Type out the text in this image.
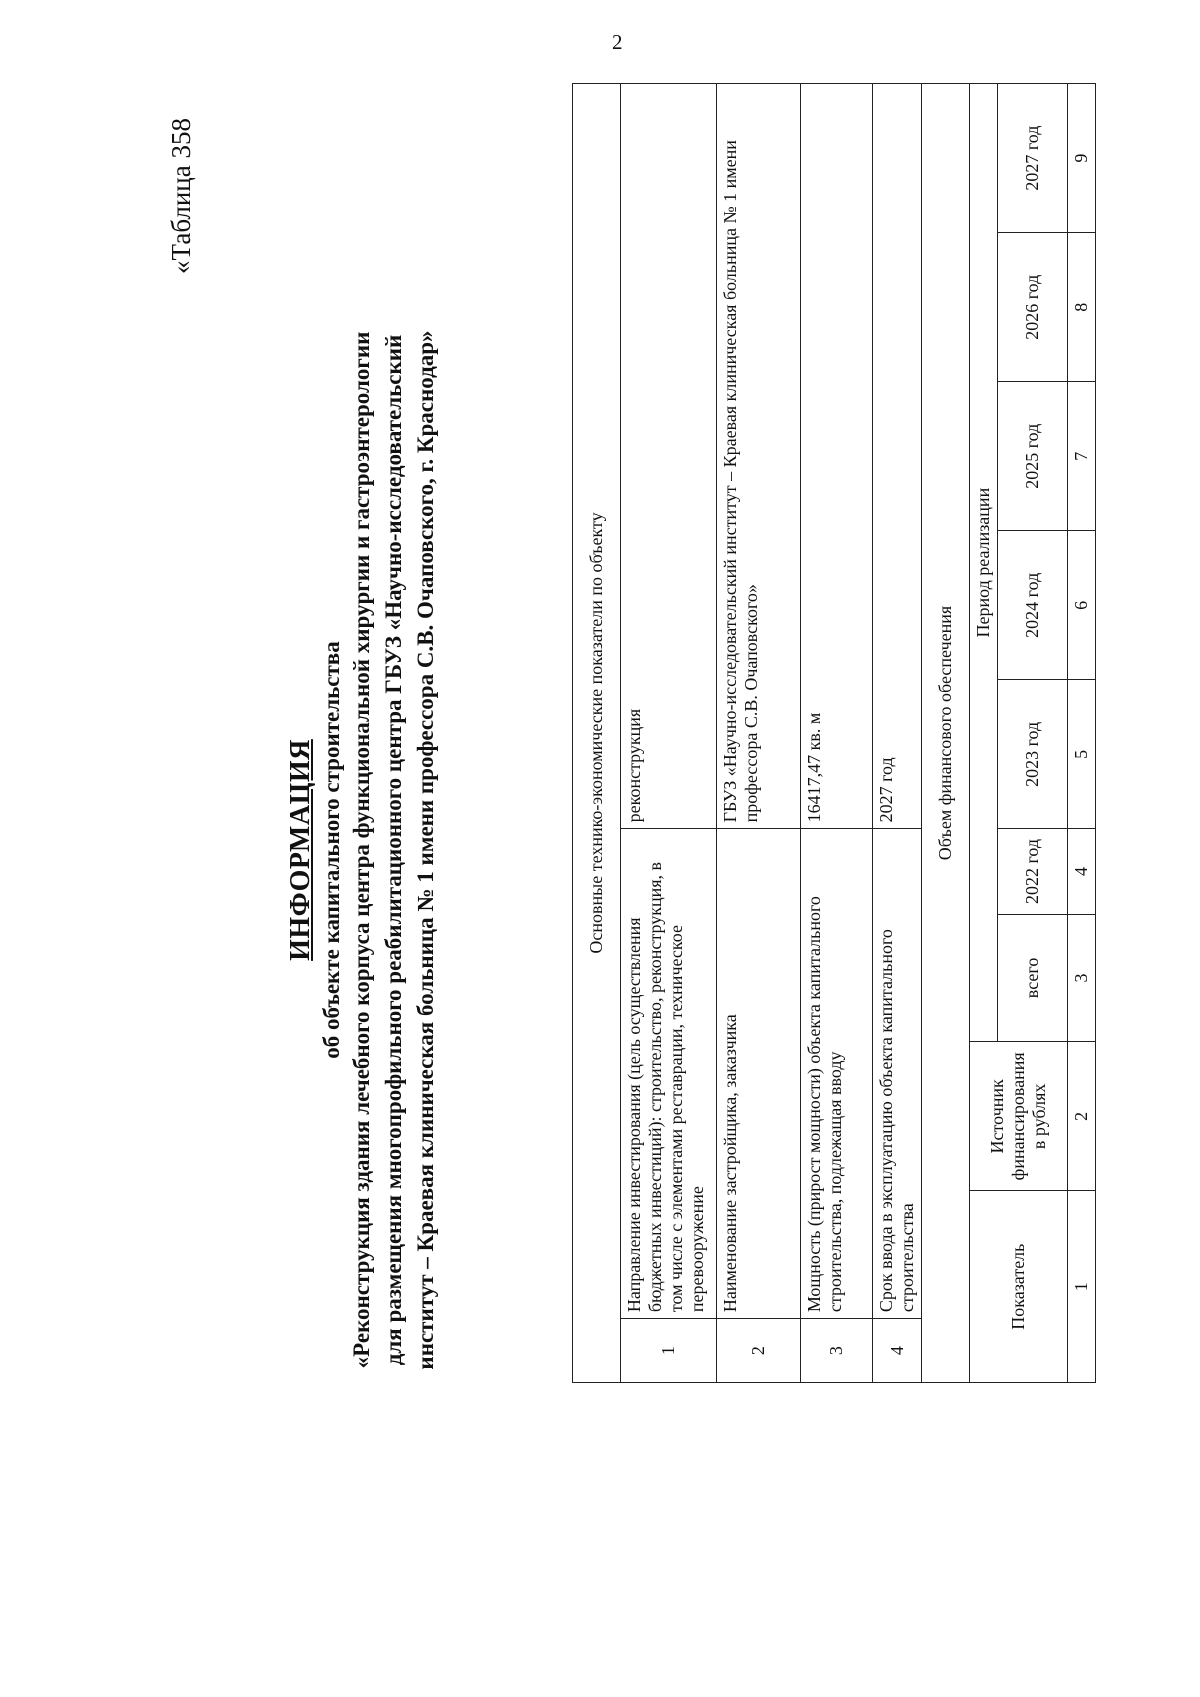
2
«Таблица 358
ИНФОРМАЦИЯ об объекте капитального строительства «Реконструкция здания лечебного корпуса центра функциональной хирургии и гастроэнтерологии для размещения многопрофильного реабилитационного центра ГБУЗ «Научно-исследовательский институт – Краевая клиническая больница № 1 имени профессора С.В. Очаповского, г. Краснодар»	Основные технико-экономические показатели по объекту									
1	Направление инвестирования (цель осуществления бюджетных инвестиций): строительство, реконструкция, в том числе с элементами реставрации, техническое перевооружение				реконструкция				
2	Наименование застройщика, заказчика				ГБУЗ «Научно-исследовательский институт – Краевая клиническая больница № 1 имени профессора С.В. Очаповского»				
3	Мощность (прирост мощности) объекта капитального строительства, подлежащая вводу				16417,47 кв. м				
4	Срок ввода в эксплуатацию объекта капитального строительства				2027 год				
Объем финансового обеспечения									
Показатель		Источник финансирования в рублях	Период реализации						
			всего	2022 год	2023 год	2024 год	2025 год	2026 год	2027 год
1		2	3	4	5	6	7	8	9
